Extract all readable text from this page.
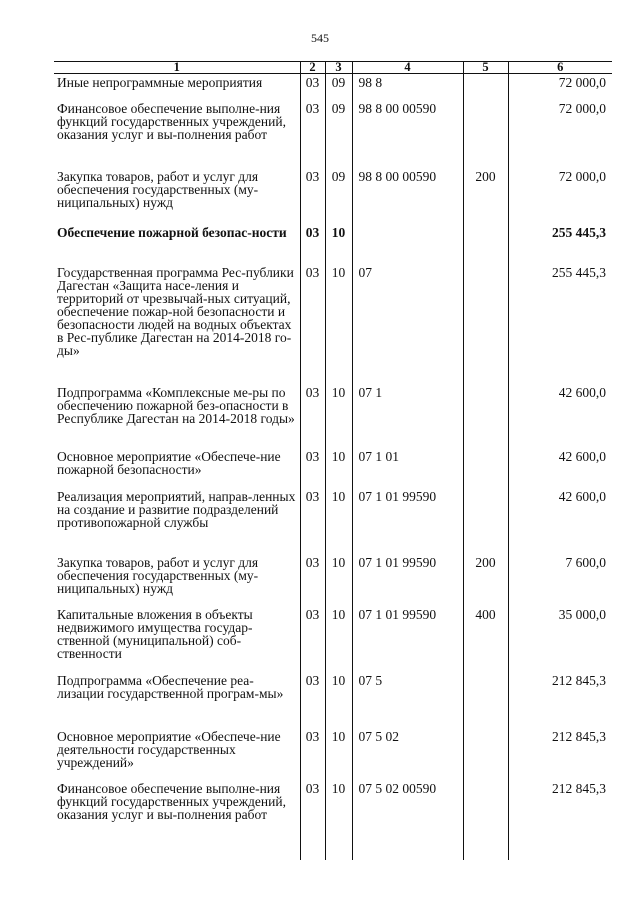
545
1	2	3	4	5	6
Иные непрограммные мероприятия	03	09	98 8		72 000,0
Финансовое обеспечение выполне-ния функций государственных учреждений, оказания услуг и вы-полнения работ	03	09	98 8 00 00590		72 000,0
Закупка товаров, работ и услуг для обеспечения государственных (му-ниципальных) нужд	03	09	98 8 00 00590	200	72 000,0
Обеспечение пожарной безопас-ности	03	10			255 445,3
Государственная программа Рес-публики Дагестан «Защита насе-ления и территорий от чрезвычай-ных ситуаций, обеспечение пожар-ной безопасности и безопасности людей на водных объектах в Рес-публике Дагестан на 2014-2018 го-ды»	03	10	07		255 445,3
Подпрограмма «Комплексные ме-ры по обеспечению пожарной без-опасности в Республике Дагестан на 2014-2018 годы»	03	10	07 1		42 600,0
Основное мероприятие «Обеспече-ние пожарной безопасности»	03	10	07 1 01		42 600,0
Реализация мероприятий, направ-ленных на создание и развитие подразделений противопожарной службы	03	10	07 1 01 99590		42 600,0
Закупка товаров, работ и услуг для обеспечения государственных (му-ниципальных) нужд	03	10	07 1 01 99590	200	7 600,0
Капитальные вложения в объекты недвижимого имущества государ-ственной (муниципальной) соб-ственности	03	10	07 1 01 99590	400	35 000,0
Подпрограмма «Обеспечение реа-лизации государственной програм-мы»	03	10	07 5		212 845,3
Основное мероприятие «Обеспече-ние деятельности государственных учреждений»	03	10	07 5 02		212 845,3
Финансовое обеспечение выполне-ния функций государственных учреждений, оказания услуг и вы-полнения работ	03	10	07 5 02 00590		212 845,3
